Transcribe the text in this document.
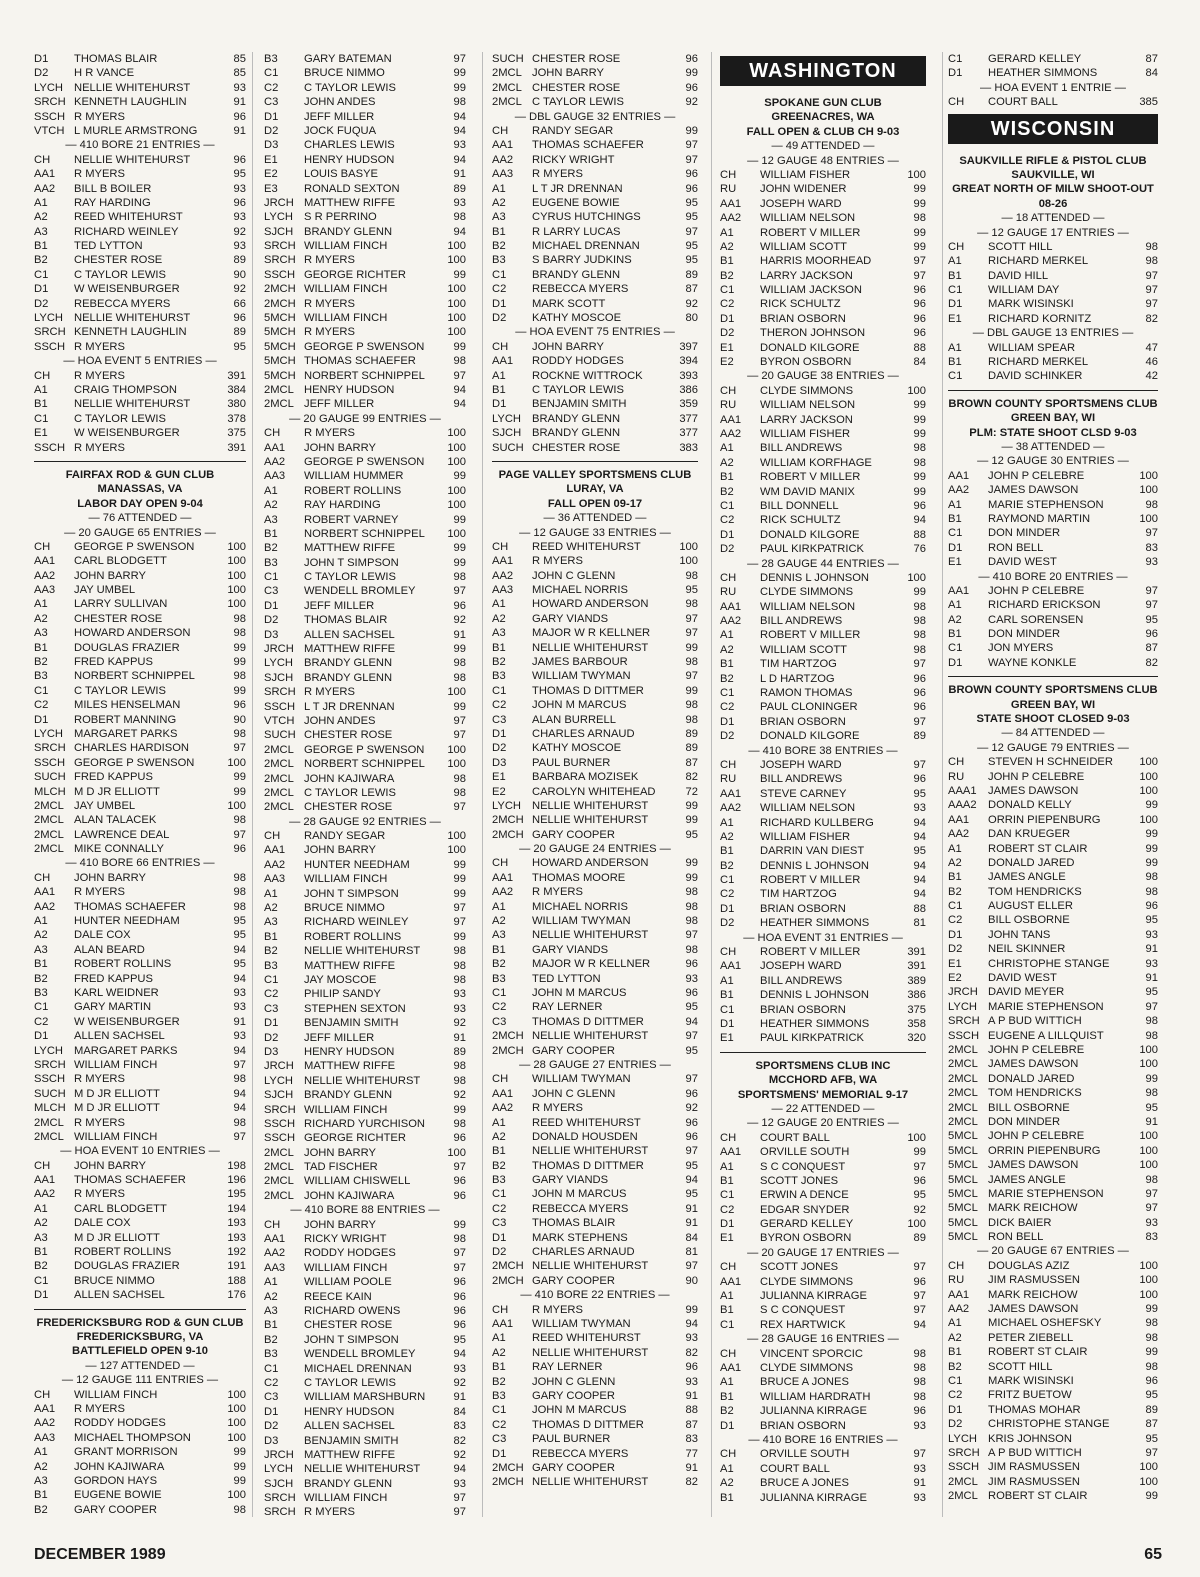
D1	THOMAS BLAIR	85
D2	H R VANCE	85
LYCH NELLIE WHITEHURST	93
SRCH KENNETH LAUGHLIN	91
SSCH R MYERS	96
VTCH L MURLE ARMSTRONG	91
— 410 BORE 21 ENTRIES —
CH	NELLIE WHITEHURST	96
AA1	R MYERS	95
AA2	BILL B BOILER	93
A1	RAY HARDING	96
A2	REED WHITEHURST	93
A3	RICHARD WEINLEY	92
B1	TED LYTTON	93
B2	CHESTER ROSE	89
C1	C TAYLOR LEWIS	90
D1	W WEISENBURGER	92
D2	REBECCA MYERS	66
LYCH NELLIE WHITEHURST	96
SRCH KENNETH LAUGHLIN	89
SSCH R MYERS	95
— HOA EVENT 5 ENTRIES —
CH	R MYERS	391
A1	CRAIG THOMPSON	384
B1	NELLIE WHITEHURST	380
C1	C TAYLOR LEWIS	378
E1	W WEISENBURGER	375
SSCH R MYERS	391
FAIRFAX ROD & GUN CLUB
MANASSAS, VA
LABOR DAY OPEN 9-04
— 76 ATTENDED —
— 20 GAUGE 65 ENTRIES —
CH	GEORGE P SWENSON	100
AA1	CARL BLODGETT	100
AA2	JOHN BARRY	100
AA3	JAY UMBEL	100
A1	LARRY SULLIVAN	100
A2	CHESTER ROSE	98
A3	HOWARD ANDERSON	98
B1	DOUGLAS FRAZIER	99
B2	FRED KAPPUS	99
B3	NORBERT SCHNIPPEL	98
C1	C TAYLOR LEWIS	99
C2	MILES HENSELMAN	96
D1	ROBERT MANNING	90
LYCH MARGARET PARKS	98
SRCH CHARLES HARDISON	97
SSCH GEORGE P SWENSON	100
SUCH FRED KAPPUS	99
MLCH M D JR ELLIOTT	99
2MCL JAY UMBEL	100
2MCL ALAN TALACEK	98
2MCL LAWRENCE DEAL	97
2MCL MIKE CONNALLY	96
— 410 BORE 66 ENTRIES —
CH	JOHN BARRY	98
AA1	R MYERS	98
AA2	THOMAS SCHAEFER	98
A1	HUNTER NEEDHAM	95
A2	DALE COX	95
A3	ALAN BEARD	94
B1	ROBERT ROLLINS	95
B2	FRED KAPPUS	94
B3	KARL WEIDNER	93
C1	GARY MARTIN	93
C2	W WEISENBURGER	91
D1	ALLEN SACHSEL	93
LYCH MARGARET PARKS	94
SRCH WILLIAM FINCH	97
SSCH R MYERS	98
SUCH M D JR ELLIOTT	94
MLCH M D JR ELLIOTT	94
2MCL R MYERS	98
2MCL WILLIAM FINCH	97
— HOA EVENT 10 ENTRIES —
CH	JOHN BARRY	198
AA1	THOMAS SCHAEFER	196
AA2	R MYERS	195
A1	CARL BLODGETT	194
A2	DALE COX	193
A3	M D JR ELLIOTT	193
B1	ROBERT ROLLINS	192
B2	DOUGLAS FRAZIER	191
C1	BRUCE NIMMO	188
D1	ALLEN SACHSEL	176
FREDERICKSBURG ROD & GUN CLUB
FREDERICKSBURG, VA
BATTLEFIELD OPEN 9-10
— 127 ATTENDED —
— 12 GAUGE 111 ENTRIES —
CH	WILLIAM FINCH	100
AA1	R MYERS	100
AA2	RODDY HODGES	100
AA3	MICHAEL THOMPSON	100
A1	GRANT MORRISON	99
A2	JOHN KAJIWARA	99
A3	GORDON HAYS	99
B1	EUGENE BOWIE	100
B2	GARY COOPER	98
B3	GARY BATEMAN	97
C1	BRUCE NIMMO	99
C2	C TAYLOR LEWIS	99
C3	JOHN ANDES	98
D1	JEFF MILLER	94
D2	JOCK FUQUA	94
D3	CHARLES LEWIS	93
E1	HENRY HUDSON	94
E2	LOUIS BASYE	91
E3	RONALD SEXTON	89
JRCH MATTHEW RIFFE	93
LYCH S R PERRINO	98
SJCH BRANDY GLENN	94
SRCH WILLIAM FINCH	100
SRCH R MYERS	100
SSCH GEORGE RICHTER	99
2MCH WILLIAM FINCH	100
2MCH R MYERS	100
5MCH WILLIAM FINCH	100
5MCH R MYERS	100
5MCH GEORGE P SWENSON	99
5MCH THOMAS SCHAEFER	98
5MCH NORBERT SCHNIPPEL	97
2MCL HENRY HUDSON	94
2MCL JEFF MILLER	94
— 20 GAUGE 99 ENTRIES —
CH	R MYERS	100
AA1	JOHN BARRY	100
AA2	GEORGE P SWENSON	100
AA3	WILLIAM HUMMER	99
A1	ROBERT ROLLINS	100
A2	RAY HARDING	100
A3	ROBERT VARNEY	99
B1	NORBERT SCHNIPPEL	100
B2	MATTHEW RIFFE	99
B3	JOHN T SIMPSON	99
C1	C TAYLOR LEWIS	98
C3	WENDELL BROMLEY	97
D1	JEFF MILLER	96
D2	THOMAS BLAIR	92
D3	ALLEN SACHSEL	91
JRCH MATTHEW RIFFE	99
LYCH BRANDY GLENN	98
SJCH BRANDY GLENN	98
SRCH R MYERS	100
SSCH L T JR DRENNAN	99
VTCH JOHN ANDES	97
SUCH CHESTER ROSE	97
2MCL GEORGE P SWENSON	100
2MCL NORBERT SCHNIPPEL	100
2MCL JOHN KAJIWARA	98
2MCL C TAYLOR LEWIS	98
2MCL CHESTER ROSE	97
— 28 GAUGE 92 ENTRIES —
CH	RANDY SEGAR	100
AA1	JOHN BARRY	100
AA2	HUNTER NEEDHAM	99
AA3	WILLIAM FINCH	99
A1	JOHN T SIMPSON	99
A2	BRUCE NIMMO	97
A3	RICHARD WEINLEY	97
B1	ROBERT ROLLINS	99
B2	NELLIE WHITEHURST	98
B3	MATTHEW RIFFE	98
C1	JAY MOSCOE	98
C2	PHILIP SANDY	93
C3	STEPHEN SEXTON	93
D1	BENJAMIN SMITH	92
D2	JEFF MILLER	91
D3	HENRY HUDSON	89
JRCH MATTHEW RIFFE	98
LYCH NELLIE WHITEHURST	98
SJCH BRANDY GLENN	92
SRCH WILLIAM FINCH	99
SSCH RICHARD YURCHISON	98
SSCH GEORGE RICHTER	96
2MCL JOHN BARRY	100
2MCL TAD FISCHER	97
2MCL WILLIAM CHISWELL	96
2MCL JOHN KAJIWARA	96
— 410 BORE 88 ENTRIES —
CH	JOHN BARRY	99
AA1	RICKY WRIGHT	98
AA2	RODDY HODGES	97
AA3	WILLIAM FINCH	97
A1	WILLIAM POOLE	96
A2	REECE KAIN	96
A3	RICHARD OWENS	96
B1	CHESTER ROSE	96
B2	JOHN T SIMPSON	95
B3	WENDELL BROMLEY	94
C1	MICHAEL DRENNAN	93
C2	C TAYLOR LEWIS	92
C3	WILLIAM MARSHBURN	91
D1	HENRY HUDSON	84
D2	ALLEN SACHSEL	83
D3	BENJAMIN SMITH	82
JRCH MATTHEW RIFFE	92
LYCH NELLIE WHITEHURST	94
SJCH BRANDY GLENN	93
SRCH WILLIAM FINCH	97
SRCH R MYERS	97
SUCH CHESTER ROSE	96
2MCL JOHN BARRY	99
2MCL CHESTER ROSE	96
2MCL C TAYLOR LEWIS	92
— DBL GAUGE 32 ENTRIES —
CH	RANDY SEGAR	99
AA1	THOMAS SCHAEFER	97
AA2	RICKY WRIGHT	97
AA3	R MYERS	96
A1	L T JR DRENNAN	96
A2	EUGENE BOWIE	95
A3	CYRUS HUTCHINGS	95
B1	R LARRY LUCAS	97
B2	MICHAEL DRENNAN	95
B3	S BARRY JUDKINS	95
C1	BRANDY GLENN	89
C2	REBECCA MYERS	87
D1	MARK SCOTT	92
D2	KATHY MOSCOE	80
— HOA EVENT 75 ENTRIES —
CH	JOHN BARRY	397
AA1	RODDY HODGES	394
A1	ROCKNE WITTROCK	393
B1	C TAYLOR LEWIS	386
D1	BENJAMIN SMITH	359
LYCH BRANDY GLENN	377
SJCH BRANDY GLENN	377
SUCH CHESTER ROSE	383
PAGE VALLEY SPORTSMENS CLUB
LURAY, VA
FALL OPEN 09-17
— 36 ATTENDED —
— 12 GAUGE 33 ENTRIES —
CH	REED WHITEHURST	100
AA1	R MYERS	100
AA2	JOHN C GLENN	98
AA3	MICHAEL NORRIS	95
A1	HOWARD ANDERSON	98
A2	GARY VIANDS	97
A3	MAJOR W R KELLNER	97
B1	NELLIE WHITEHURST	99
B2	JAMES BARBOUR	98
B3	WILLIAM TWYMAN	97
C1	THOMAS D DITTMER	99
C2	JOHN M MARCUS	98
C3	ALAN BURRELL	98
D1	CHARLES ARNAUD	89
D2	KATHY MOSCOE	89
D3	PAUL BURNER	87
E1	BARBARA MOZISEK	82
E2	CAROLYN WHITEHEAD	72
LYCH NELLIE WHITEHURST	99
2MCH NELLIE WHITEHURST	99
2MCH GARY COOPER	95
— 20 GAUGE 24 ENTRIES —
CH	HOWARD ANDERSON	99
AA1	THOMAS MOORE	99
AA2	R MYERS	98
A1	MICHAEL NORRIS	98
A2	WILLIAM TWYMAN	98
A3	NELLIE WHITEHURST	97
B1	GARY VIANDS	98
B2	MAJOR W R KELLNER	96
B3	TED LYTTON	93
C1	JOHN M MARCUS	96
C2	RAY LERNER	95
C3	THOMAS D DITTMER	94
2MCH NELLIE WHITEHURST	97
2MCH GARY COOPER	95
— 28 GAUGE 27 ENTRIES —
CH	WILLIAM TWYMAN	97
AA1	JOHN C GLENN	96
AA2	R MYERS	92
A1	REED WHITEHURST	96
A2	DONALD HOUSDEN	96
B1	NELLIE WHITEHURST	97
B2	THOMAS D DITTMER	95
B3	GARY VIANDS	94
C1	JOHN M MARCUS	95
C2	REBECCA MYERS	91
C3	THOMAS BLAIR	91
D1	MARK STEPHENS	84
D2	CHARLES ARNAUD	81
2MCH NELLIE WHITEHURST	97
2MCH GARY COOPER	90
— 410 BORE 22 ENTRIES —
CH	R MYERS	99
AA1	WILLIAM TWYMAN	94
A1	REED WHITEHURST	93
A2	NELLIE WHITEHURST	82
B1	RAY LERNER	96
B2	JOHN C GLENN	93
B3	GARY COOPER	91
C1	JOHN M MARCUS	88
C2	THOMAS D DITTMER	87
C3	PAUL BURNER	83
D1	REBECCA MYERS	77
2MCH GARY COOPER	91
2MCH NELLIE WHITEHURST	82
WASHINGTON
SPOKANE GUN CLUB
GREENACRES, WA
FALL OPEN & CLUB CH 9-03
— 49 ATTENDED —
— 12 GAUGE 48 ENTRIES —
CH	WILLIAM FISHER	100
RU	JOHN WIDENER	99
AA1	JOSEPH WARD	99
AA2	WILLIAM NELSON	98
A1	ROBERT V MILLER	99
A2	WILLIAM SCOTT	99
B1	HARRIS MOORHEAD	97
B2	LARRY JACKSON	97
C1	WILLIAM JACKSON	96
C2	RICK SCHULTZ	96
D1	BRIAN OSBORN	96
D2	THERON JOHNSON	96
E1	DONALD KILGORE	88
E2	BYRON OSBORN	84
— 20 GAUGE 38 ENTRIES —
CH	CLYDE SIMMONS	100
RU	WILLIAM NELSON	99
AA1	LARRY JACKSON	99
AA2	WILLIAM FISHER	99
A1	BILL ANDREWS	98
A2	WILLIAM KORFHAGE	98
B1	ROBERT V MILLER	99
B2	WM DAVID MANIX	99
C1	BILL DONNELL	96
C2	RICK SCHULTZ	94
D1	DONALD KILGORE	88
D2	PAUL KIRKPATRICK	76
— 28 GAUGE 44 ENTRIES —
CH	DENNIS L JOHNSON	100
RU	CLYDE SIMMONS	99
AA1	WILLIAM NELSON	98
AA2	BILL ANDREWS	98
A1	ROBERT V MILLER	98
A2	WILLIAM SCOTT	98
B1	TIM HARTZOG	97
B2	L D HARTZOG	96
C1	RAMON THOMAS	96
C2	PAUL CLONINGER	96
D1	BRIAN OSBORN	97
D2	DONALD KILGORE	89
— 410 BORE 38 ENTRIES —
CH	JOSEPH WARD	97
RU	BILL ANDREWS	96
AA1	STEVE CARNEY	95
AA2	WILLIAM NELSON	93
A1	RICHARD KULLBERG	94
A2	WILLIAM FISHER	94
B1	DARRIN VAN DIEST	95
B2	DENNIS L JOHNSON	94
C1	ROBERT V MILLER	94
C2	TIM HARTZOG	94
D1	BRIAN OSBORN	88
D2	HEATHER SIMMONS	81
— HOA EVENT 31 ENTRIES —
CH	ROBERT V MILLER	391
AA1	JOSEPH WARD	391
A1	BILL ANDREWS	389
B1	DENNIS L JOHNSON	386
C1	BRIAN OSBORN	375
D1	HEATHER SIMMONS	358
E1	PAUL KIRKPATRICK	320
SPORTSMENS CLUB INC
MCCHORD AFB, WA
SPORTSMENS' MEMORIAL 9-17
— 22 ATTENDED —
— 12 GAUGE 20 ENTRIES —
CH	COURT BALL	100
AA1	ORVILLE SOUTH	99
A1	S C CONQUEST	97
B1	SCOTT JONES	96
C1	ERWIN A DENCE	95
C2	EDGAR SNYDER	92
D1	GERARD KELLEY	100
E1	BYRON OSBORN	89
— 20 GAUGE 17 ENTRIES —
CH	SCOTT JONES	97
AA1	CLYDE SIMMONS	96
A1	JULIANNA KIRRAGE	97
B1	S C CONQUEST	97
C1	REX HARTWICK	94
— 28 GAUGE 16 ENTRIES —
CH	VINCENT SPORCIC	98
AA1	CLYDE SIMMONS	98
A1	BRUCE A JONES	98
B1	WILLIAM HARDRATH	98
B2	JULIANNA KIRRAGE	96
D1	BRIAN OSBORN	93
— 410 BORE 16 ENTRIES —
CH	ORVILLE SOUTH	97
A1	COURT BALL	93
A2	BRUCE A JONES	91
B1	JULIANNA KIRRAGE	93
C1	GERARD KELLEY	87
D1	HEATHER SIMMONS	84
— HOA EVENT 1 ENTRIE —
CH	COURT BALL	385
WISCONSIN
SAUKVILLE RIFLE & PISTOL CLUB
SAUKVILLE, WI
GREAT NORTH OF MILW SHOOT-OUT
08-26
— 18 ATTENDED —
— 12 GAUGE 17 ENTRIES —
CH	SCOTT HILL	98
A1	RICHARD MERKEL	98
B1	DAVID HILL	97
C1	WILLIAM DAY	97
D1	MARK WISINSKI	97
E1	RICHARD KORNITZ	82
— DBL GAUGE 13 ENTRIES —
A1	WILLIAM SPEAR	47
B1	RICHARD MERKEL	46
C1	DAVID SCHINKER	42
BROWN COUNTY SPORTSMENS CLUB
GREEN BAY, WI
PLM: STATE SHOOT CLSD 9-03
— 38 ATTENDED —
— 12 GAUGE 30 ENTRIES —
AA1	JOHN P CELEBRE	100
AA2	JAMES DAWSON	100
A1	MARIE STEPHENSON	98
B1	RAYMOND MARTIN	100
C1	DON MINDER	97
D1	RON BELL	83
E1	DAVID WEST	93
— 410 BORE 20 ENTRIES —
AA1	JOHN P CELEBRE	97
A1	RICHARD ERICKSON	97
A2	CARL SORENSEN	95
B1	DON MINDER	96
C1	JON MYERS	87
D1	WAYNE KONKLE	82
BROWN COUNTY SPORTSMENS CLUB
GREEN BAY, WI
STATE SHOOT CLOSED 9-03
— 84 ATTENDED —
— 12 GAUGE 79 ENTRIES —
CH	STEVEN H SCHNEIDER	100
RU	JOHN P CELEBRE	100
AAA1	JAMES DAWSON	100
AAA2	DONALD KELLY	99
AA1	ORRIN PIEPENBURG	100
AA2	DAN KRUEGER	99
A1	ROBERT ST CLAIR	99
A2	DONALD JARED	99
B1	JAMES ANGLE	98
B2	TOM HENDRICKS	98
C1	AUGUST ELLER	96
C2	BILL OSBORNE	95
D1	JOHN TANS	93
D2	NEIL SKINNER	91
E1	CHRISTOPHE STANGE	93
E2	DAVID WEST	91
JRCH DAVID MEYER	95
LYCH MARIE STEPHENSON	97
SRCH A P BUD WITTICH	98
SSCH EUGENE A LILLQUIST	98
2MCL JOHN P CELEBRE	100
2MCL JAMES DAWSON	100
2MCL DONALD JARED	99
2MCL TOM HENDRICKS	98
2MCL BILL OSBORNE	95
2MCL DON MINDER	91
5MCL JOHN P CELEBRE	100
5MCL ORRIN PIEPENBURG	100
5MCL JAMES DAWSON	100
5MCL JAMES ANGLE	98
5MCL MARIE STEPHENSON	97
5MCL MARK REICHOW	97
5MCL DICK BAIER	93
5MCL RON BELL	83
— 20 GAUGE 67 ENTRIES —
CH	DOUGLAS AZIZ	100
RU	JIM RASMUSSEN	100
AA1	MARK REICHOW	100
AA2	JAMES DAWSON	99
A1	MICHAEL OSHEFSKY	98
A2	PETER ZIEBELL	98
B1	ROBERT ST CLAIR	99
B2	SCOTT HILL	98
C1	MARK WISINSKI	96
C2	FRITZ BUETOW	95
D1	THOMAS MOHAR	89
D2	CHRISTOPHE STANGE	87
LYCH KRIS JOHNSON	95
SRCH A P BUD WITTICH	97
SSCH JIM RASMUSSEN	100
2MCL JIM RASMUSSEN	100
2MCL ROBERT ST CLAIR	99
DECEMBER 1989	65
